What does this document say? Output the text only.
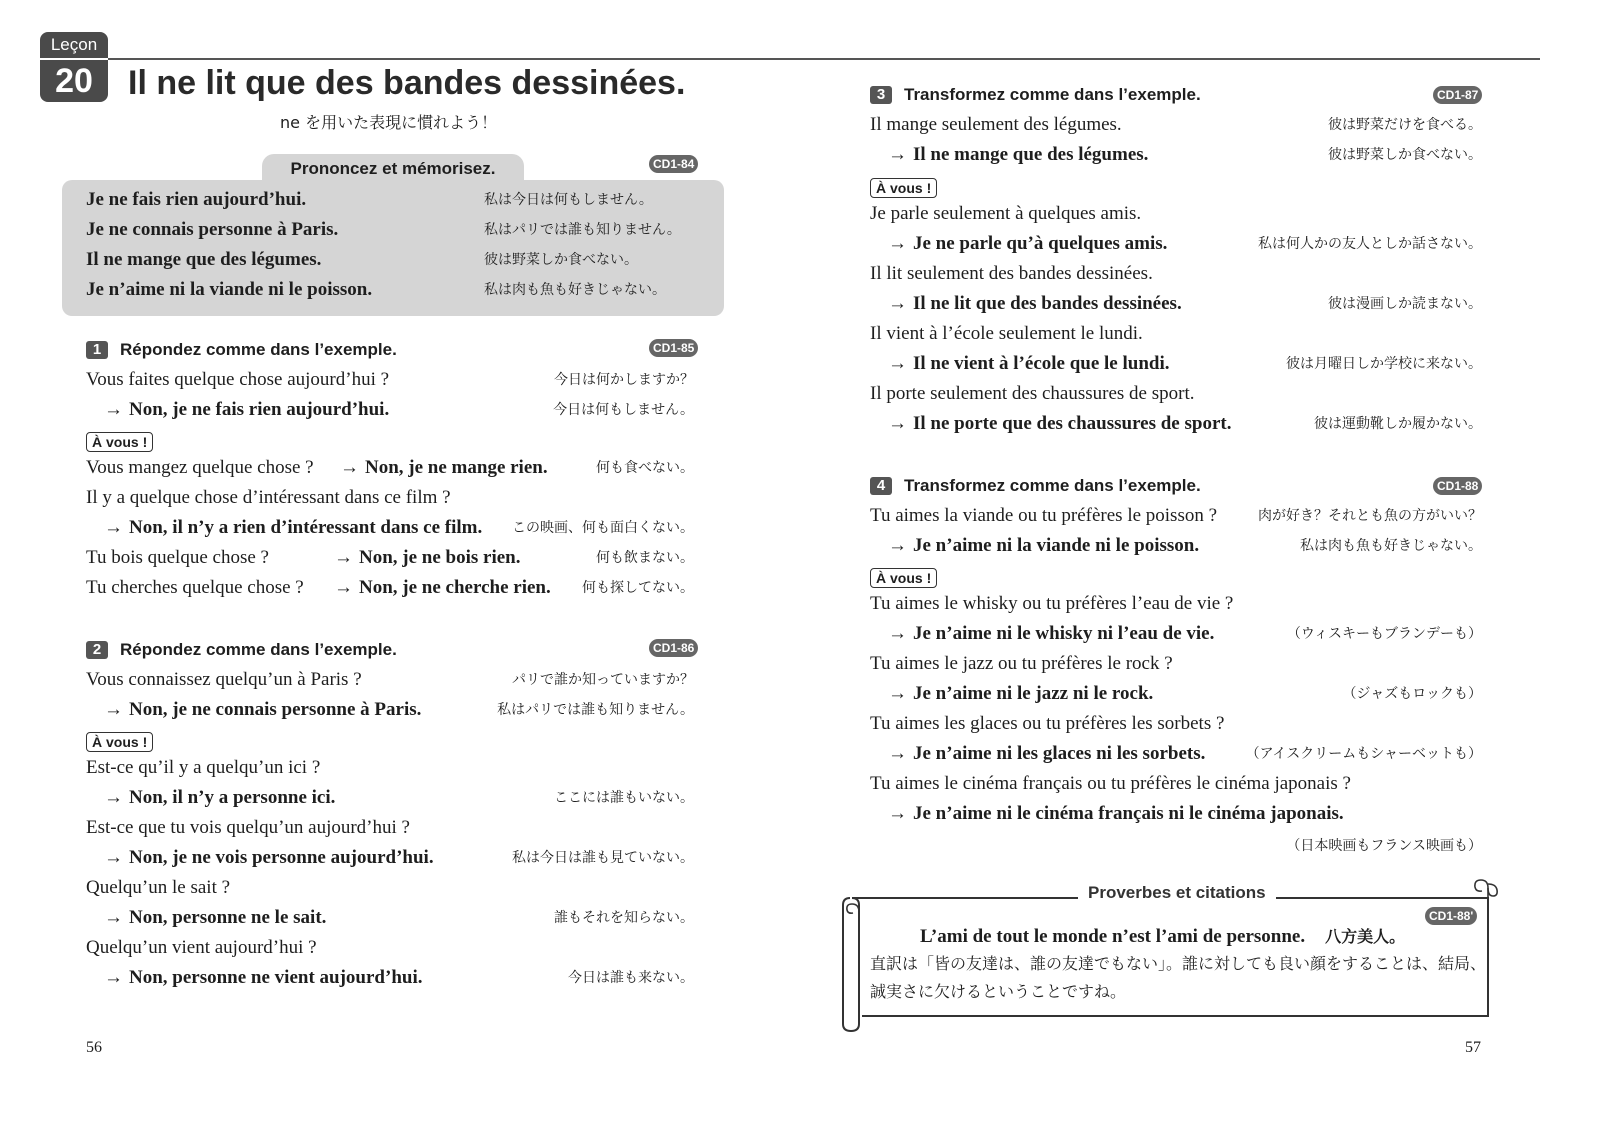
Leçon
20	Il ne lit que des bandes dessinées.
ne を用いた表現に慣れよう！
Prononcez et mémorisez.	CD1-84
Je ne fais rien aujourd’hui.	私は今日は何もしません。
Je ne connais personne à Paris.	私はパリでは誰も知りません。
Il ne mange que des légumes.	彼は野菜しか食べない。
Je n’aime ni la viande ni le poisson.	私は肉も魚も好きじゃない。
1 Répondez comme dans l’exemple.	CD1-85
Vous faites quelque chose aujourd’hui ?	今日は何かしますか？
→ Non, je ne fais rien aujourd’hui.	今日は何もしません。
À vous !
Vous mangez quelque chose ? → Non, je ne mange rien.	何も食べない。
Il y a quelque chose d’intéressant dans ce film ?
→ Non, il n’y a rien d’intéressant dans ce film. この映画、何も面白くない。
Tu bois quelque chose ?	→ Non, je ne bois rien.	何も飲まない。
Tu cherches quelque chose ? → Non, je ne cherche rien. 何も探してない。
2 Répondez comme dans l’exemple.	CD1-86
Vous connaissez quelqu’un à Paris ?	パリで誰か知っていますか？
→ Non, je ne connais personne à Paris.	私はパリでは誰も知りません。
À vous !
Est-ce qu’il y a quelqu’un ici ?
→ Non, il n’y a personne ici.	ここには誰もいない。
Est-ce que tu vois quelqu’un aujourd’hui ?
→ Non, je ne vois personne aujourd’hui.	私は今日は誰も見ていない。
Quelqu’un le sait ?
→ Non, personne ne le sait.	誰もそれを知らない。
Quelqu’un vient aujourd’hui ?
→ Non, personne ne vient aujourd’hui.	今日は誰も来ない。
56
3 Transformez comme dans l’exemple.	CD1-87
Il mange seulement des légumes.	彼は野菜だけを食べる。
→ Il ne mange que des légumes.	彼は野菜しか食べない。
À vous !
Je parle seulement à quelques amis.
→ Je ne parle qu’à quelques amis.	私は何人かの友人としか話さない。
Il lit seulement des bandes dessinées.
→ Il ne lit que des bandes dessinées.	彼は漫画しか読まない。
Il vient à l’école seulement le lundi.
→ Il ne vient à l’école que le lundi.	彼は月曜日しか学校に来ない。
Il porte seulement des chaussures de sport.
→ Il ne porte que des chaussures de sport.	彼は運動靴しか履かない。
4 Transformez comme dans l’exemple.	CD1-88
Tu aimes la viande ou tu préfères le poisson ?	肉が好き？それとも魚の方がいい？
→ Je n’aime ni la viande ni le poisson.	私は肉も魚も好きじゃない。
À vous !
Tu aimes le whisky ou tu préfères l’eau de vie ?
→ Je n’aime ni le whisky ni l’eau de vie.	（ウィスキーもブランデーも）
Tu aimes le jazz ou tu préfères le rock ?
→ Je n’aime ni le jazz ni le rock.	（ジャズもロックも）
Tu aimes les glaces ou tu préfères les sorbets ?
→ Je n’aime ni les glaces ni les sorbets.	（アイスクリームもシャーベットも）
Tu aimes le cinéma français ou tu préfères le cinéma japonais ?
→ Je n’aime ni le cinéma français ni le cinéma japonais.
（日本映画もフランス映画も）
Proverbes et citations
CD1-88'
L’ami de tout le monde n’est l’ami de personne. 八方美人。
直訳は「皆の友達は、誰の友達でもない」。誰に対しても良い顔をすることは、結局、
誠実さに欠けるということですね。
57
